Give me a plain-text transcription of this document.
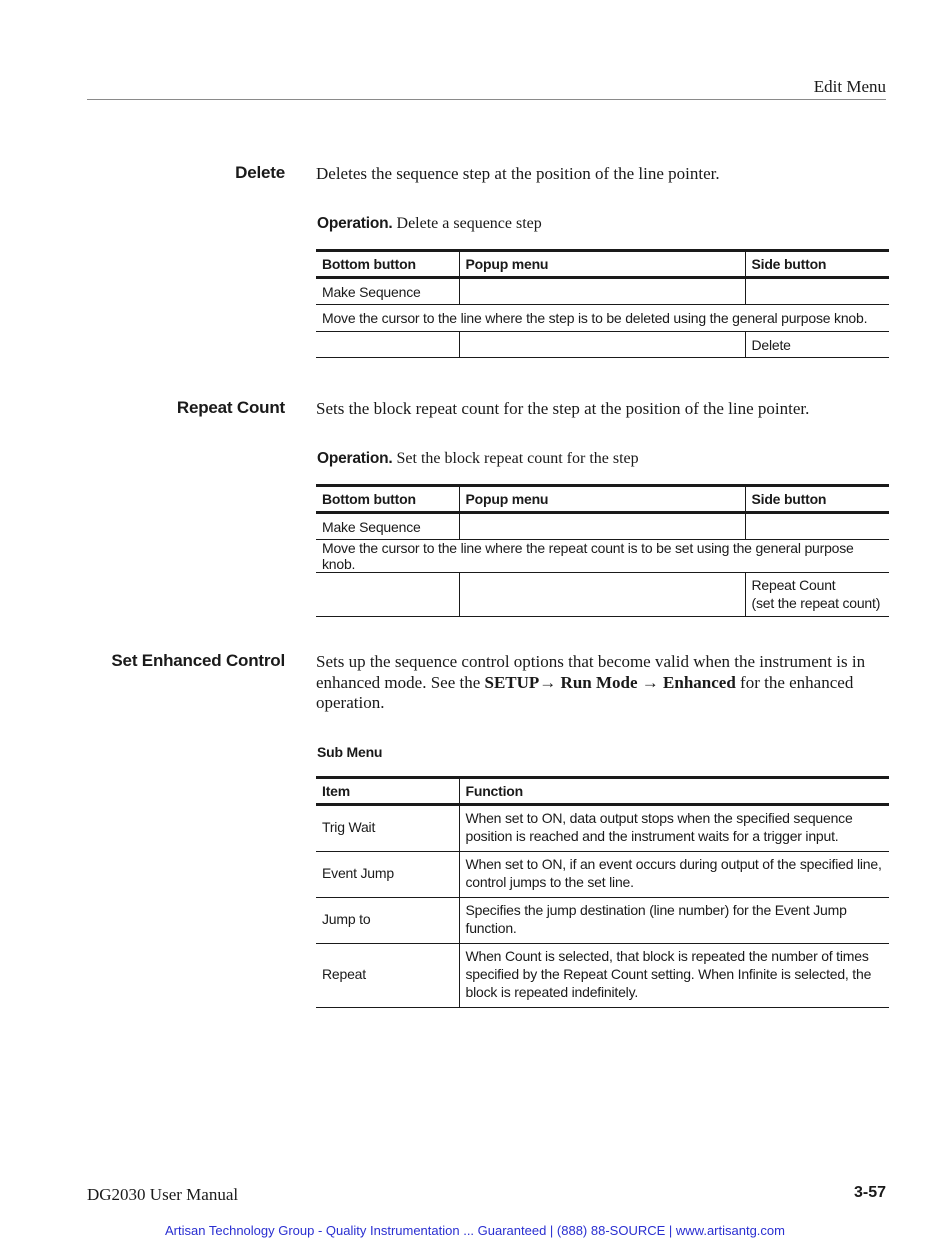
Edit Menu
Delete Deletes the sequence step at the position of the line pointer.
Operation. Delete a sequence step
Bottom button	Popup menu	Side button
Make Sequence		
Move the cursor to the line where the step is to be deleted using the general purpose knob.		
		Delete
Repeat Count Sets the block repeat count for the step at the position of the line pointer.
Operation. Set the block repeat count for the step
Bottom button	Popup menu	Side button
Make Sequence		
Move the cursor to the line where the repeat count is to be set using the general purpose knob.		

		Repeat Count
(set the repeat count)
Set Enhanced Control Sets up the sequence control options that become valid when the instrument is in enhanced mode. See the SETUP→ Run Mode → Enhanced for the enhanced operation.
Sub Menu
Item	Function
Trig Wait	When set to ON, data output stops when the specified sequence position is reached and the instrument waits for a trigger input.
Event Jump	When set to ON, if an event occurs during output of the specified line, control jumps to the set line.
Jump to	Specifies the jump destination (line number) for the Event Jump function.
Repeat	When Count is selected, that block is repeated the number of times specified by the Repeat Count setting. When Infinite is selected, the block is repeated indefinitely.
DG2030 User Manual	3-57
Artisan Technology Group - Quality Instrumentation ... Guaranteed | (888) 88-SOURCE | www.artisantg.com
